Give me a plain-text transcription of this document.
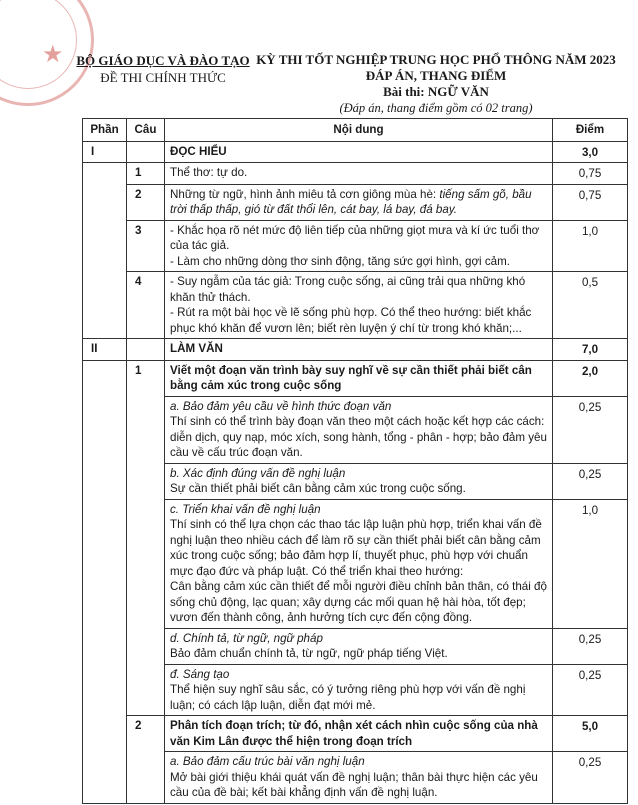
★ BỘ GIÁO DỤC VÀ ĐÀO TẠO
ĐỀ THI CHÍNH THỨC
KỲ THI TỐT NGHIỆP TRUNG HỌC PHỔ THÔNG NĂM 2023
ĐÁP ÁN, THANG ĐIỂM
Bài thi: NGỮ VĂN
(Đáp án, thang điểm gồm có 02 trang)
Phần	Câu	Nội dung	Điểm
I		ĐỌC HIỂU	3,0
	1	Thể thơ: tự do.	0,75
	2	Những từ ngữ, hình ảnh miêu tả cơn giông mùa hè: tiếng sấm gõ, bầu trời thấp thấp, gió từ đất thổi lên, cát bay, lá bay, đá bay.	0,75
	3	- Khắc họa rõ nét mức độ liên tiếp của những giọt mưa và kí ức tuổi thơ của tác giả.
- Làm cho những dòng thơ sinh động, tăng sức gợi hình, gợi cảm.	1,0
	4	- Suy ngẫm của tác giả: Trong cuộc sống, ai cũng trải qua những khó khăn thử thách.
- Rút ra một bài học về lẽ sống phù hợp. Có thể theo hướng: biết khắc phục khó khăn để vươn lên; biết rèn luyện ý chí từ trong khó khăn;...	0,5
II		LÀM VĂN	7,0
	1	Viết một đoạn văn trình bày suy nghĩ về sự cần thiết phải biết cân bằng cảm xúc trong cuộc sống	2,0

		a. Bảo đảm yêu cầu về hình thức đoạn văn
Thí sinh có thể trình bày đoạn văn theo một cách hoặc kết hợp các cách: diễn dịch, quy nạp, móc xích, song hành, tổng - phân - hợp; bảo đảm yêu cầu về cấu trúc đoạn văn.	0,25

		b. Xác định đúng vấn đề nghị luận
Sự cần thiết phải biết cân bằng cảm xúc trong cuộc sống.	0,25

		c. Triển khai vấn đề nghị luận
Thí sinh có thể lựa chọn các thao tác lập luận phù hợp, triển khai vấn đề nghị luận theo nhiều cách để làm rõ sự cần thiết phải biết cân bằng cảm xúc trong cuộc sống; bảo đảm hợp lí, thuyết phục, phù hợp với chuẩn mực đạo đức và pháp luật. Có thể triển khai theo hướng:
Cân bằng cảm xúc cần thiết để mỗi người điều chỉnh bản thân, có thái độ sống chủ động, lạc quan; xây dựng các mối quan hệ hài hòa, tốt đẹp; vươn đến thành công, ảnh hưởng tích cực đến cộng đồng.	1,0

		d. Chính tả, từ ngữ, ngữ pháp
Bảo đảm chuẩn chính tả, từ ngữ, ngữ pháp tiếng Việt.	0,25

		đ. Sáng tạo
Thể hiện suy nghĩ sâu sắc, có ý tưởng riêng phù hợp với vấn đề nghị luận; có cách lập luận, diễn đạt mới mẻ.	0,25
	2	Phân tích đoạn trích; từ đó, nhận xét cách nhìn cuộc sống của nhà văn Kim Lân được thể hiện trong đoạn trích	5,0

		a. Bảo đảm cấu trúc bài văn nghị luận
Mở bài giới thiệu khái quát vấn đề nghị luận; thân bài thực hiện các yêu cầu của đề bài; kết bài khẳng định vấn đề nghị luận.	0,25
